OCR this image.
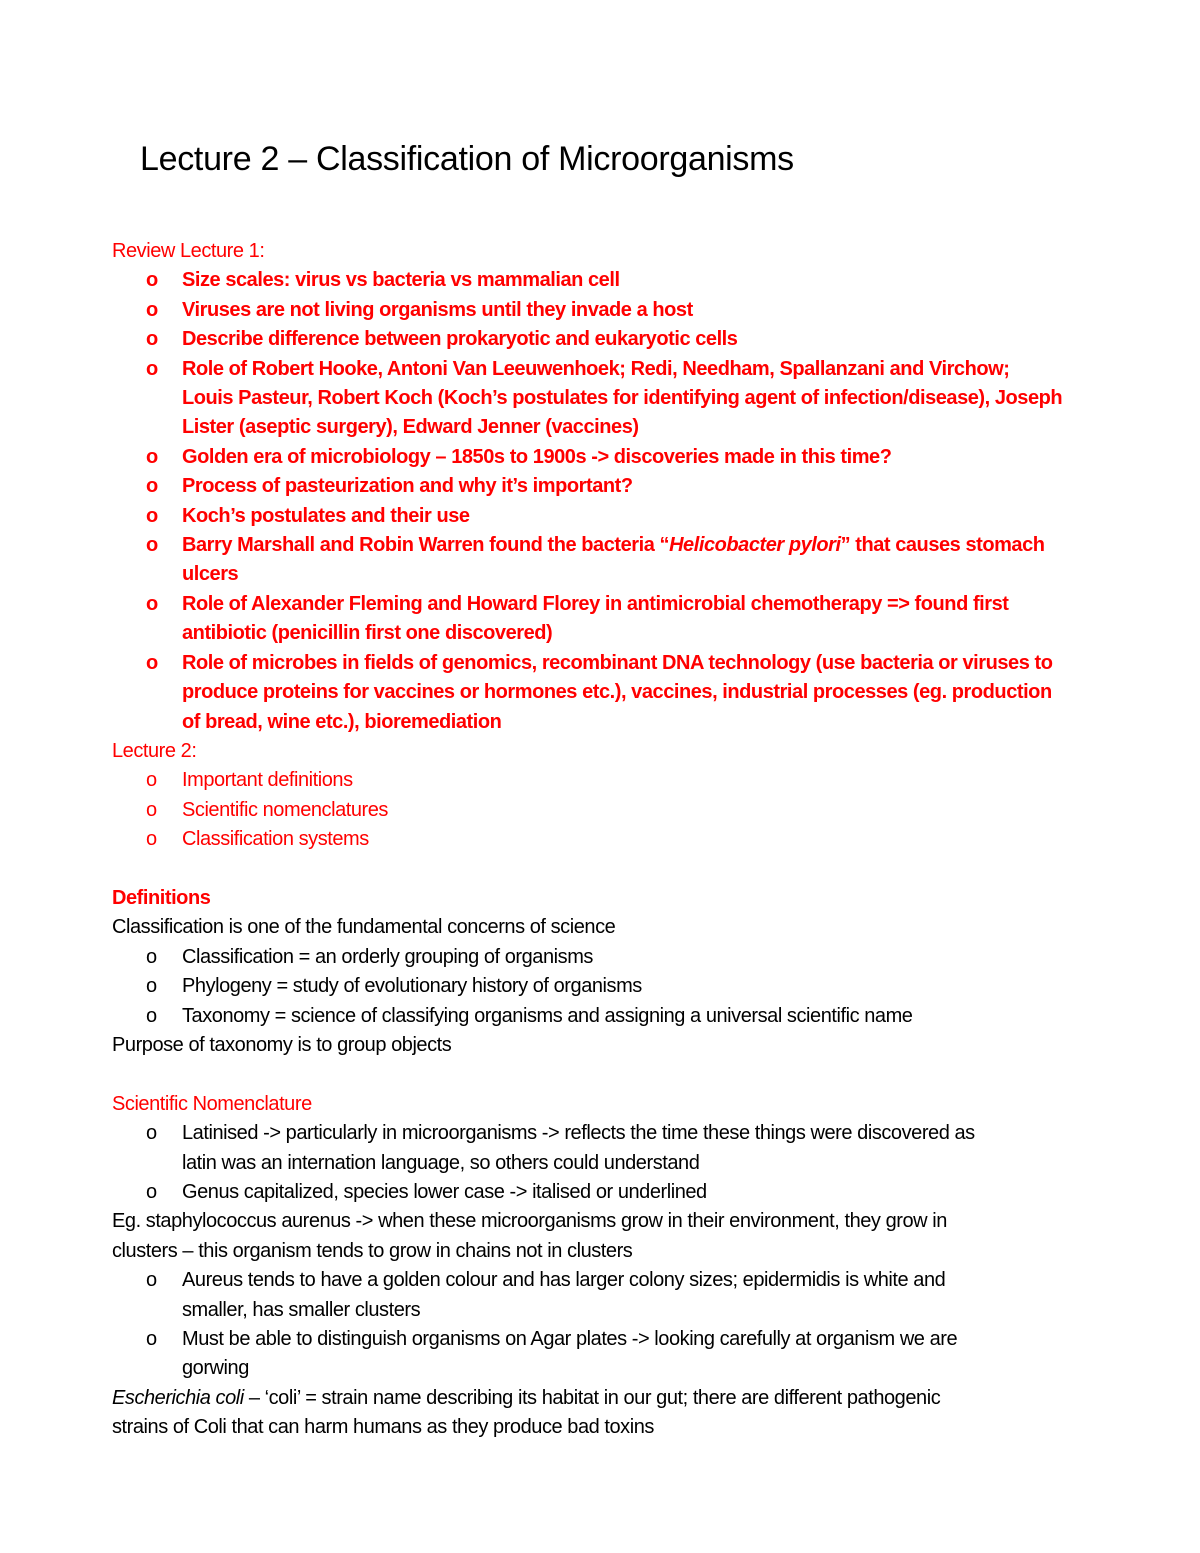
Lecture 2 – Classification of Microorganisms
Review Lecture 1:
o Size scales: virus vs bacteria vs mammalian cell
o Viruses are not living organisms until they invade a host
o Describe difference between prokaryotic and eukaryotic cells
o Role of Robert Hooke, Antoni Van Leeuwenhoek; Redi, Needham, Spallanzani and Virchow;
Louis Pasteur, Robert Koch (Koch’s postulates for identifying agent of infection/disease), Joseph
Lister (aseptic surgery), Edward Jenner (vaccines)
o Golden era of microbiology – 1850s to 1900s -> discoveries made in this time?
o Process of pasteurization and why it’s important?
o Koch’s postulates and their use
o Barry Marshall and Robin Warren found the bacteria “Helicobacter pylori” that causes stomach
ulcers
o Role of Alexander Fleming and Howard Florey in antimicrobial chemotherapy => found first
antibiotic (penicillin first one discovered)
o Role of microbes in fields of genomics, recombinant DNA technology (use bacteria or viruses to
produce proteins for vaccines or hormones etc.), vaccines, industrial processes (eg. production
of bread, wine etc.), bioremediation
Lecture 2:
o Important definitions
o Scientific nomenclatures
o Classification systems
Definitions
Classification is one of the fundamental concerns of science
o Classification = an orderly grouping of organisms
o Phylogeny = study of evolutionary history of organisms
o Taxonomy = science of classifying organisms and assigning a universal scientific name
Purpose of taxonomy is to group objects
Scientific Nomenclature
o Latinised -> particularly in microorganisms -> reflects the time these things were discovered as
latin was an internation language, so others could understand
o Genus capitalized, species lower case -> italised or underlined
Eg. staphylococcus aurenus -> when these microorganisms grow in their environment, they grow in
clusters – this organism tends to grow in chains not in clusters
o Aureus tends to have a golden colour and has larger colony sizes; epidermidis is white and
smaller, has smaller clusters
o Must be able to distinguish organisms on Agar plates -> looking carefully at organism we are
gorwing
Escherichia coli – ‘coli’ = strain name describing its habitat in our gut; there are different pathogenic
strains of Coli that can harm humans as they produce bad toxins
